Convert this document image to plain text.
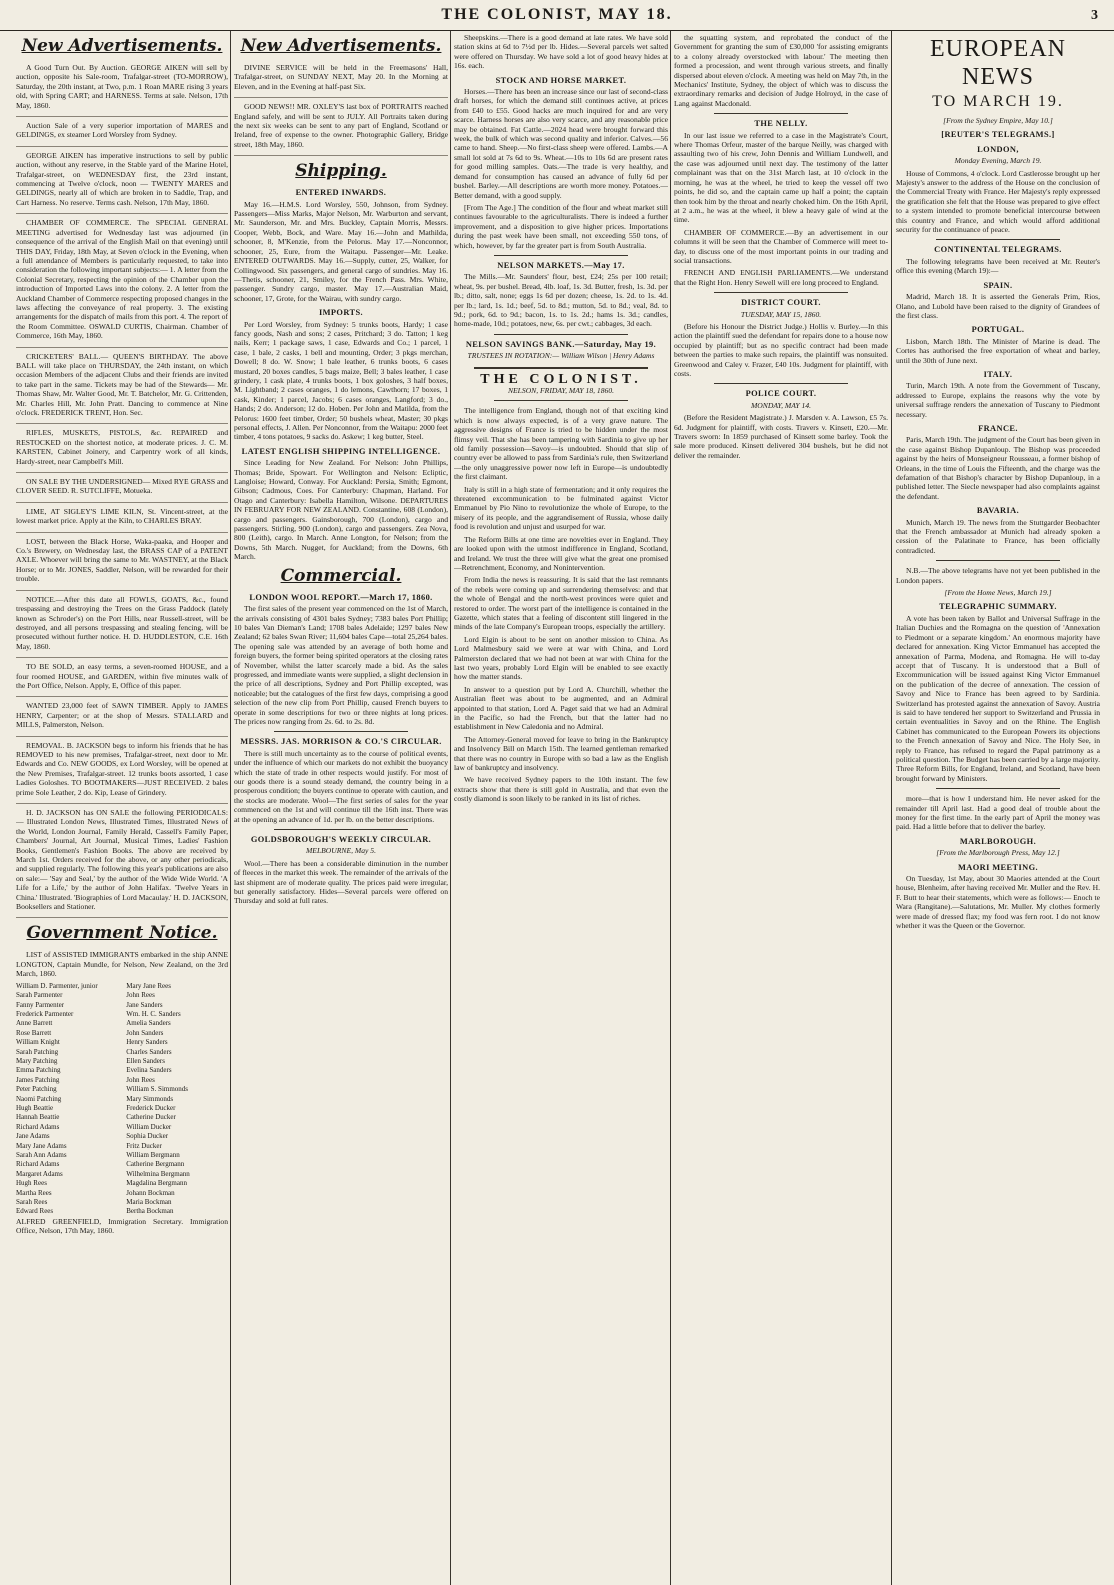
THE COLONIST, MAY 18.	3
New Advertisements.

A Good Turn Out. By Auction. GEORGE AIKEN will sell by auction, opposite his Sale-room, Trafalgar-street (TO-MORROW), Saturday, the 20th instant, at Two, p.m. 1 Roan MARE rising 3 years old, with Spring CART; and HARNESS. Terms at sale. Nelson, 17th May, 1860.

Auction Sale of a very superior importation of MARES and GELDINGS, ex steamer Lord Worsley from Sydney.

GEORGE AIKEN has imperative instructions to sell by public auction, without any reserve, in the Stable yard of the Marine Hotel, Trafalgar-street, on WEDNESDAY first, the 23rd instant, commencing at Twelve o'clock, noon — TWENTY MARES and GELDINGS, nearly all of which are broken in to Saddle, Trap, and Cart Harness. No reserve. Terms cash. Nelson, 17th May, 1860.

CHAMBER OF COMMERCE. The SPECIAL GENERAL MEETING advertised for Wednesday last was adjourned (in consequence of the arrival of the English Mail on that evening) until THIS DAY, Friday, 18th May, at Seven o'clock in the Evening, when a full attendance of Members is particularly requested, to take into consideration the following important subjects:— 1. A letter from the Colonial Secretary, respecting the opinion of the Chamber upon the introduction of Imported Laws into the colony. 2. A letter from the Auckland Chamber of Commerce respecting proposed changes in the laws affecting the conveyance of real property. 3. The existing arrangements for the dispatch of mails from this port. 4. The report of the Room Committee. OSWALD CURTIS, Chairman. Chamber of Commerce, 16th May, 1860.

CRICKETERS' BALL.— QUEEN'S BIRTHDAY. The above BALL will take place on THURSDAY, the 24th instant, on which occasion Members of the adjacent Clubs and their friends are invited to take part in the same. Tickets may be had of the Stewards— Mr. Thomas Shaw, Mr. Walter Good, Mr. T. Batchelor, Mr. G. Crittenden, Mr. Charles Hill, Mr. John Pratt. Dancing to commence at Nine o'clock. FREDERICK TRENT, Hon. Sec.

RIFLES, MUSKETS, PISTOLS, &c. REPAIRED and RESTOCKED on the shortest notice, at moderate prices. J. C. M. KARSTEN, Cabinet Joinery, and Carpentry work of all kinds, Hardy-street, near Campbell's Mill.

ON SALE BY THE UNDERSIGNED— Mixed RYE GRASS and CLOVER SEED. R. SUTCLIFFE, Motueka.

LIME, AT SIGLEY'S LIME KILN, St. Vincent-street, at the lowest market price. Apply at the Kiln, to CHARLES BRAY.

LOST, between the Black Horse, Waka-paaka, and Hooper and Co.'s Brewery, on Wednesday last, the BRASS CAP of a PATENT AXLE. Whoever will bring the same to Mr. WASTNEY, at the Black Horse; or to Mr. JONES, Saddler, Nelson, will be rewarded for their trouble.

NOTICE.—After this date all FOWLS, GOATS, &c., found trespassing and destroying the Trees on the Grass Paddock (lately known as Schroder's) on the Port Hills, near Russell-street, will be destroyed, and all persons trespassing and stealing fencing, will be prosecuted without further notice. H. D. HUDDLESTON, C.E. 16th May, 1860.

TO BE SOLD, an easy terms, a seven-roomed HOUSE, and a four roomed HOUSE, and GARDEN, within five minutes walk of the Port Office, Nelson. Apply, E, Office of this paper.

WANTED 23,000 feet of SAWN TIMBER. Apply to JAMES HENRY, Carpenter; or at the shop of Messrs. STALLARD and MILLS, Palmerston, Nelson.

REMOVAL. B. JACKSON begs to inform his friends that he has REMOVED to his new premises, Trafalgar-street, next door to Mr. Edwards and Co. NEW GOODS, ex Lord Worsley, will be opened at the New Premises, Trafalgar-street. 12 trunks boots assorted, 1 case Ladies Goloshes. TO BOOTMAKERS—JUST RECEIVED. 2 bales prime Sole Leather, 2 do. Kip, Lease of Grindery.

H. D. JACKSON has ON SALE the following PERIODICALS:— Illustrated London News, Illustrated Times, Illustrated News of the World, London Journal, Family Herald, Cassell's Family Paper, Chambers' Journal, Art Journal, Musical Times, Ladies' Fashion Books, Gentlemen's Fashion Books. The above are received by March 1st. Orders received for the above, or any other periodicals, and supplied regularly. The following this year's publications are also on sale:— 'Say and Seal,' by the author of the Wide Wide World. 'A Life for a Life,' by the author of John Halifax. 'Twelve Years in China.' Illustrated. 'Biographies of Lord Macaulay.' H. D. JACKSON, Booksellers and Stationer.

Government Notice.

LIST of ASSISTED IMMIGRANTS embarked in the ship ANNE LONGTON, Captain Mundle, for Nelson, New Zealand, on the 3rd March, 1860.

William D. Parmenter, junior
Sarah Parmenter
Fanny Parmenter
Frederick Parmenter
Anne Barrett
Rose Barrett
William Knight
Sarah Patching
Mary Patching
Emma Patching
James Patching
Peter Patching
Naomi Patching
Hugh Beattie
Hannah Beattie
Richard Adams
Jane Adams
Mary Jane Adams
Sarah Ann Adams
Richard Adams
Margaret Adams
Hugh Rees
Martha Rees
Sarah Rees
Edward Rees
Mary Jane Rees
John Rees
Jane Sanders
Wm. H. C. Sanders
Amelia Sanders
John Sanders
Henry Sanders
Charles Sanders
Ellen Sanders
Evelina Sanders
John Rees
William S. Simmonds
Mary Simmonds
Frederick Ducker
Catherine Ducker
William Ducker
Sophia Ducker
Fritz Ducker
William Bergmann
Catherine Bergmann
Wilhelmina Bergmann
Magdalina Bergmann
Johann Bockman
Maria Bockman
Bertha Bockman

ALFRED GREENFIELD, Immigration Secretary. Immigration Office, Nelson, 17th May, 1860.

New Advertisements.

DIVINE SERVICE will be held in the Freemasons' Hall, Trafalgar-street, on SUNDAY NEXT, May 20. In the Morning at Eleven, and in the Evening at half-past Six.

GOOD NEWS!! MR. OXLEY'S last box of PORTRAITS reached England safely, and will be sent to JULY. All Portraits taken during the next six weeks can be sent to any part of England, Scotland or Ireland, free of expense to the owner. Photographic Gallery, Bridge street, 18th May, 1860.

Shipping.
ENTERED INWARDS.

May 16.—H.M.S. Lord Worsley, 550, Johnson, from Sydney. Passengers—Miss Marks, Major Nelson, Mr. Warburton and servant, Mr. Saunderson, Mr. and Mrs. Buckley, Captain Morris, Messrs. Cooper, Webb, Bock, and Ware. May 16.—John and Mathilda, schooner, 8, M'Kenzie, from the Pelorus. May 17.—Nonconnor, schooner, 25, Eure, from the Waitapu. Passenger—Mr. Leake. ENTERED OUTWARDS. May 16.—Supply, cutter, 25, Walker, for Collingwood. Six passengers, and general cargo of sundries. May 16.—Thetis, schooner, 21, Smiley, for the French Pass. Mrs. White, passenger. Sundry cargo, master. May 17.—Australian Maid, schooner, 17, Grote, for the Wairau, with sundry cargo.

IMPORTS.

Per Lord Worsley, from Sydney: 5 trunks boots, Hardy; 1 case fancy goods, Nash and sons; 2 cases, Pritchard; 3 do. Tatton; 1 keg nails, Kerr; 1 package saws, 1 case, Edwards and Co.; 1 parcel, 1 case, 1 bale, 2 casks, 1 bell and mounting, Order; 3 pkgs merchan, Dowell; 8 do. W. Snow; 1 bale leather, 6 trunks boots, 6 cases mustard, 20 boxes candles, 5 bags maize, Bell; 3 bales leather, 1 case grindery, 1 cask plate, 4 trunks boots, 1 box goloshes, 3 half boxes, M. Lightband; 2 cases oranges, 1 do lemons, Cawthorn; 17 boxes, 1 cask, Kinder; 1 parcel, Jacobs; 6 cases oranges, Langford; 3 do., Hands; 2 do. Anderson; 12 do. Hoben. Per John and Matilda, from the Pelorus: 1600 feet timber, Order; 50 bushels wheat, Master; 30 pkgs personal effects, J. Allen. Per Nonconnor, from the Waitapu: 2000 feet timber, 4 tons potatoes, 9 sacks do. Askew; 1 keg butter, Steel.

LATEST ENGLISH SHIPPING INTELLIGENCE.

Since Leading for New Zealand. For Nelson: John Phillips, Thomas; Bride, Spowart. For Wellington and Nelson: Ecliptic, Langloise; Howard, Conway. For Auckland: Persia, Smith; Egmont, Gibson; Cadmous, Coes. For Canterbury: Chapman, Harland. For Otago and Canterbury: Isabella Hamilton, Wilsone. DEPARTURES IN FEBRUARY FOR NEW ZEALAND. Constantine, 608 (London), cargo and passengers. Gainsborough, 700 (London), cargo and passengers. Stirling, 900 (London), cargo and passengers. Zea Nova, 800 (Leith), cargo. In March. Anne Longton, for Nelson; from the Downs, 5th March. Nugget, for Auckland; from the Downs, 6th March.

Commercial.
LONDON WOOL REPORT.—March 17, 1860.

The first sales of the present year commenced on the 1st of March, the arrivals consisting of 4301 bales Sydney; 7383 bales Port Phillip; 10 bales Van Dieman's Land; 1708 bales Adelaide; 1297 bales New Zealand; 62 bales Swan River; 11,604 bales Cape—total 25,264 bales. The opening sale was attended by an average of both home and foreign buyers, the former being spirited operators at the closing rates of November, whilst the latter scarcely made a bid. As the sales progressed, and immediate wants were supplied, a slight declension in the price of all descriptions, Sydney and Port Phillip excepted, was noticeable; but the catalogues of the first few days, comprising a good selection of the new clip from Port Phillip, caused French buyers to operate in some descriptions for two or three nights at long prices. The prices now ranging from 2s. 6d. to 2s. 8d.

MESSRS. JAS. MORRISON & CO.'S CIRCULAR.

There is still much uncertainty as to the course of political events, under the influence of which our markets do not exhibit the buoyancy which the state of trade in other respects would justify. For most of our goods there is a sound steady demand, the country being in a prosperous condition; the buyers continue to operate with caution, and the stocks are moderate. Wool—The first series of sales for the year commenced on the 1st and will continue till the 16th inst. There was at the opening an advance of 1d. per lb. on the better descriptions.

GOLDSBOROUGH'S WEEKLY CIRCULAR.
MELBOURNE, May 5.

Wool.—There has been a considerable diminution in the number of fleeces in the market this week. The remainder of the arrivals of the last shipment are of moderate quality. The prices paid were irregular, but generally satisfactory. Hides—Several parcels were offered on Thursday and sold at full rates.

Sheepskins.—There is a good demand at late rates. We have sold station skins at 6d to 7½d per lb. Hides.—Several parcels wet salted were offered on Thursday. We have sold a lot of good heavy hides at 16s. each.

STOCK AND HORSE MARKET.

Horses.—There has been an increase since our last of second-class draft horses, for which the demand still continues active, at prices from £40 to £55. Good hacks are much inquired for and are very scarce. Harness horses are also very scarce, and any reasonable price may be obtained. Fat Cattle.—2024 head were brought forward this week, the bulk of which was second quality and inferior. Calves.—56 came to hand. Sheep.—No first-class sheep were offered. Lambs.—A small lot sold at 7s 6d to 9s. Wheat.—10s to 10s 6d are present rates for good milling samples. Oats.—The trade is very healthy, and demand for consumption has caused an advance of fully 6d per bushel. Barley.—All descriptions are worth more money. Potatoes.—Better demand, with a good supply.

[From The Age.] The condition of the flour and wheat market still continues favourable to the agriculturalists. There is indeed a further improvement, and a disposition to give higher prices. Importations during the past week have been small, not exceeding 550 tons, of which, however, by far the greater part is from South Australia.

NELSON MARKETS.—May 17.

The Mills.—Mr. Saunders' flour, best, £24; 25s per 100 retail; wheat, 9s. per bushel. Bread, 4lb. loaf, 1s. 3d. Butter, fresh, 1s. 3d. per lb.; ditto, salt, none; eggs 1s 6d per dozen; cheese, 1s. 2d. to 1s. 4d. per lb.; lard, 1s. 1d.; beef, 5d. to 8d.; mutton, 5d. to 8d.; veal, 8d. to 9d.; pork, 6d. to 9d.; bacon, 1s. to 1s. 2d.; hams 1s. 3d.; candles, home-made, 10d.; potatoes, new, 6s. per cwt.; cabbages, 3d each.

NELSON SAVINGS BANK.—Saturday, May 19.
TRUSTEES IN ROTATION:— William Wilson | Henry Adams
THE COLONIST.
NELSON, FRIDAY, MAY 18, 1860.

The intelligence from England, though not of that exciting kind which is now always expected, is of a very grave nature. The aggressive designs of France is tried to be hidden under the most flimsy veil. That she has been tampering with Sardinia to give up her old family possession—Savoy—is undoubted. Should that slip of country ever be allowed to pass from Sardinia's rule, then Switzerland—the only unaggressive power now left in Europe—is undoubtedly the first claimant.

Italy is still in a high state of fermentation; and it only requires the threatened excommunication to be fulminated against Victor Emmanuel by Pio Nino to revolutionize the whole of Europe, to the misery of its people, and the aggrandisement of Russia, whose daily food is revolution and unjust and usurped for war.

The Reform Bills at one time are novelties ever in England. They are looked upon with the utmost indifference in England, Scotland, and Ireland. We trust the three will give what the great one promised—Retrenchment, Economy, and Nonintervention.

From India the news is reassuring. It is said that the last remnants of the rebels were coming up and surrendering themselves: and that the whole of Bengal and the north-west provinces were quiet and restored to order. The worst part of the intelligence is contained in the Gazette, which states that a feeling of discontent still lingered in the minds of the late Company's European troops, especially the artillery.

Lord Elgin is about to be sent on another mission to China. As Lord Malmesbury said we were at war with China, and Lord Palmerston declared that we had not been at war with China for the last two years, probably Lord Elgin will be enabled to see exactly how the matter stands.

In answer to a question put by Lord A. Churchill, whether the Australian fleet was about to be augmented, and an Admiral appointed to that station, Lord A. Paget said that we had an Admiral in the Pacific, so had the French, but that the latter had no establishment in New Caledonia and no Admiral.

The Attorney-General moved for leave to bring in the Bankruptcy and Insolvency Bill on March 15th. The learned gentleman remarked that there was no country in Europe with so bad a law as the English law of bankruptcy and insolvency.

We have received Sydney papers to the 10th instant. The few extracts show that there is still gold in Australia, and that even the costly diamond is soon likely to be ranked in its list of riches.

the squatting system, and reprobated the conduct of the Government for granting the sum of £30,000 'for assisting emigrants to a colony already overstocked with labour.' The meeting then formed a procession, and went through various streets, and finally dispersed about eleven o'clock. A meeting was held on May 7th, in the Mechanics' Institute, Sydney, the object of which was to discuss the extraordinary remarks and decision of Judge Holroyd, in the case of Lang against Macdonald.

THE NELLY.

In our last issue we referred to a case in the Magistrate's Court, where Thomas Orfeur, master of the barque Neilly, was charged with assaulting two of his crew, John Dennis and William Lundwell, and the case was adjourned until next day. The testimony of the latter complainant was that on the 31st March last, at 10 o'clock in the morning, he was at the wheel, he tried to keep the vessel off two points, he did so, and the captain came up half a point; the captain then took him by the throat and nearly choked him. On the 16th April, at 2 a.m., he was at the wheel, it blew a heavy gale of wind at the time.

CHAMBER OF COMMERCE.—By an advertisement in our columns it will be seen that the Chamber of Commerce will meet to-day, to discuss one of the most important points in our trading and social transactions.

FRENCH AND ENGLISH PARLIAMENTS.—We understand that the Right Hon. Henry Sewell will ere long proceed to England.

DISTRICT COURT.
TUESDAY, MAY 15, 1860.

(Before his Honour the District Judge.) Hollis v. Burley.—In this action the plaintiff sued the defendant for repairs done to a house now occupied by plaintiff; but as no specific contract had been made between the parties to make such repairs, the plaintiff was nonsuited. Greenwood and Caley v. Frazer, £40 10s. Judgment for plaintiff, with costs.

POLICE COURT.
MONDAY, MAY 14.

(Before the Resident Magistrate.) J. Marsden v. A. Lawson, £5 7s. 6d. Judgment for plaintiff, with costs. Travers v. Kinsett, £20.—Mr. Travers sworn: In 1859 purchased of Kinsett some barley. Took the sale more produced. Kinsett delivered 304 bushels, but he did not deliver the remainder.

EUROPEAN NEWS
TO MARCH 19.
[From the Sydney Empire, May 10.]
[REUTER'S TELEGRAMS.]
LONDON,
Monday Evening, March 19.

House of Commons, 4 o'clock. Lord Castlerosse brought up her Majesty's answer to the address of the House on the conclusion of the Commercial Treaty with France. Her Majesty's reply expressed the gratification she felt that the House was prepared to give effect to a system intended to promote beneficial intercourse between this country and France, and which would afford additional security for the continuance of peace.

CONTINENTAL TELEGRAMS.

The following telegrams have been received at Mr. Reuter's office this evening (March 19):—

SPAIN.

Madrid, March 18. It is asserted the Generals Prim, Rios, Olano, and Lubold have been raised to the dignity of Grandees of the first class.

PORTUGAL.

Lisbon, March 18th. The Minister of Marine is dead. The Cortes has authorised the free exportation of wheat and barley, until the 30th of June next.

ITALY.

Turin, March 19th. A note from the Government of Tuscany, addressed to Europe, explains the reasons why the vote by universal suffrage renders the annexation of Tuscany to Piedmont necessary.

FRANCE.

Paris, March 19th. The judgment of the Court has been given in the case against Bishop Dupanloup. The Bishop was proceeded against by the heirs of Monseigneur Rousseau, a former bishop of Orleans, in the time of Louis the Fifteenth, and the charge was the defamation of that Bishop's character by Bishop Dupanloup, in a published letter. The Siecle newspaper had also complaints against the defendant.

BAVARIA.

Munich, March 19. The news from the Stuttgarder Beobachter that the French ambassador at Munich had already spoken a cession of the Palatinate to France, has been officially contradicted.

N.B.—The above telegrams have not yet been published in the London papers.

[From the Home News, March 19.]
TELEGRAPHIC SUMMARY.

A vote has been taken by Ballot and Universal Suffrage in the Italian Duchies and the Romagna on the question of 'Annexation to Piedmont or a separate kingdom.' An enormous majority have declared for annexation. King Victor Emmanuel has accepted the annexation of Parma, Modena, and Romagna. He will to-day accept that of Tuscany. It is understood that a Bull of Excommunication will be issued against King Victor Emmanuel on the publication of the decree of annexation. The cession of Savoy and Nice to France has been agreed to by Sardinia. Switzerland has protested against the annexation of Savoy. Austria is said to have tendered her support to Switzerland and Prussia in certain eventualities in Savoy and on the Rhine. The English Cabinet has communicated to the European Powers its objections to the French annexation of Savoy and Nice. The Holy See, in reply to France, has refused to regard the Papal patrimony as a political question. The Budget has been carried by a large majority. Three Reform Bills, for England, Ireland, and Scotland, have been brought forward by Ministers.

more—that is how I understand him. He never asked for the remainder till April last. Had a good deal of trouble about the money for the first time. In the early part of April the money was paid. Had a little before that to deliver the barley.

MARLBOROUGH.
[From the Marlborough Press, May 12.]
MAORI MEETING.

On Tuesday, 1st May, about 30 Maories attended at the Court house, Blenheim, after having received Mr. Muller and the Rev. H. F. Butt to hear their statements, which were as follows:— Enoch te Wara (Rangitane).—Salutations, Mr. Muller. My clothes formerly were made of dressed flax; my food was fern root. I do not know whether it was the Queen or the Governor.
